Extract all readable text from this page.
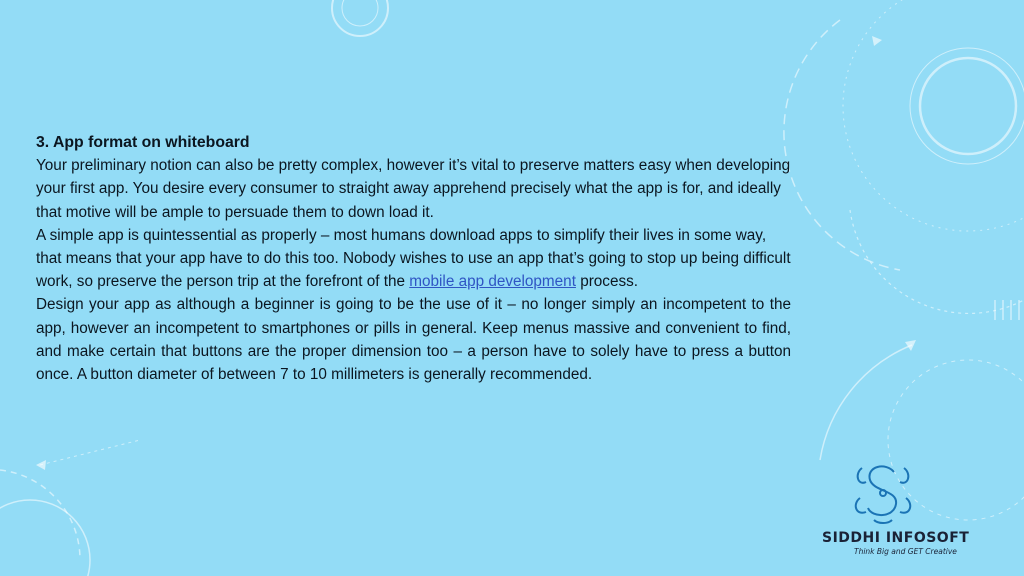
3. App format on whiteboard

Your preliminary notion can also be pretty complex, however it’s vital to preserve matters easy when developing your first app. You desire every consumer to straight away apprehend precisely what the app is for, and ideally that motive will be ample to persuade them to down load it.

A simple app is quintessential as properly – most humans download apps to simplify their lives in some way, that means that your app have to do this too. Nobody wishes to use an app that’s going to stop up being difficult work, so preserve the person trip at the forefront of the mobile app development process.

Design your app as although a beginner is going to be the use of it – no longer simply an incompetent to the app, however an incompetent to smartphones or pills in general. Keep menus massive and convenient to find, and make certain that buttons are the proper dimension too – a person have to solely have to press a button once. A button diameter of between 7 to 10 millimeters is generally recommended.

SIDDHI INFOSOFT
Think Big and GET Creative
